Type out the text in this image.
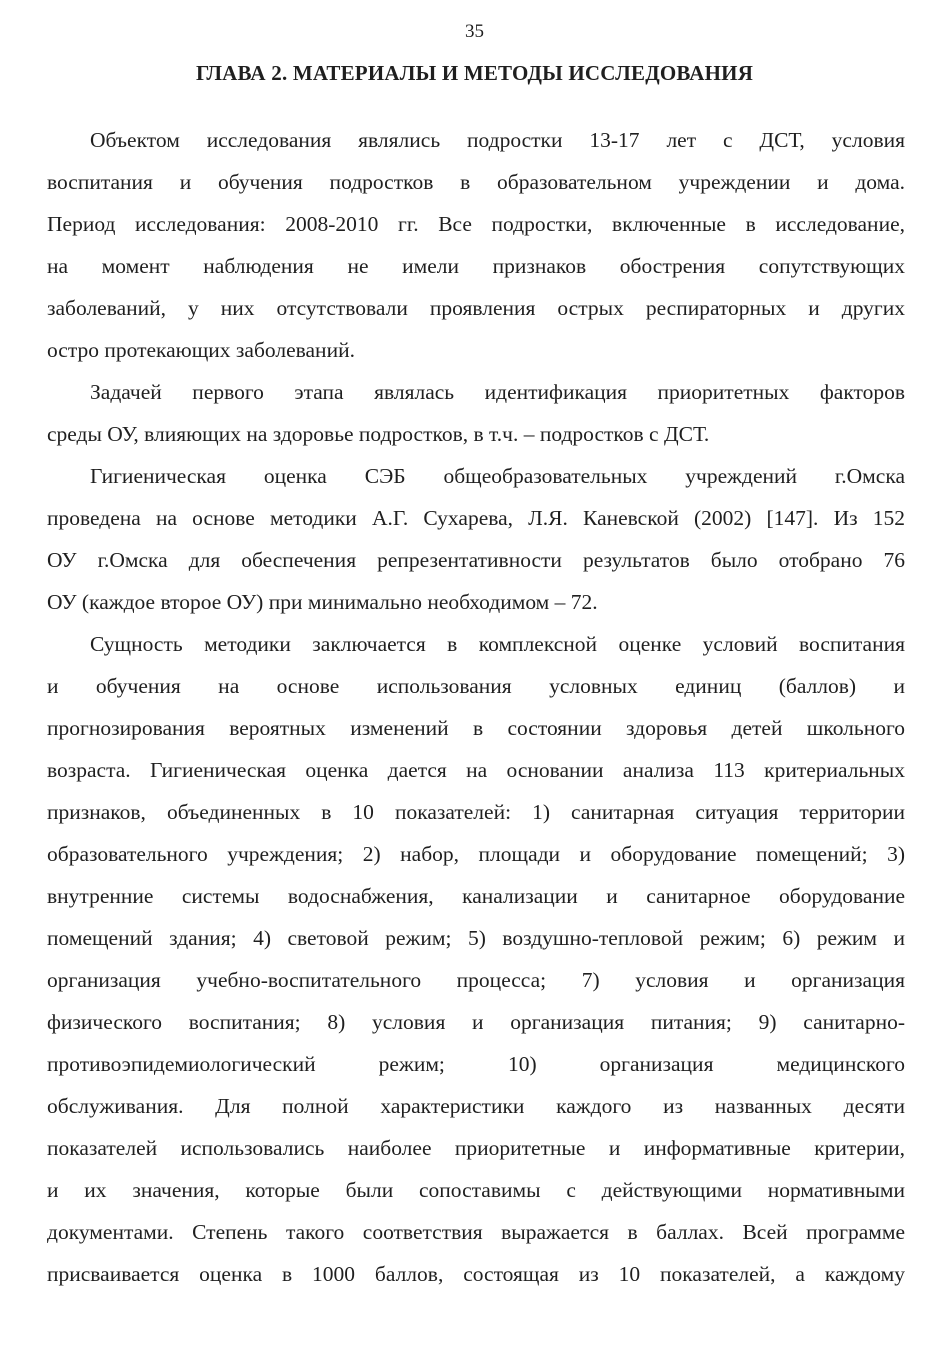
35
ГЛАВА 2. МАТЕРИАЛЫ И МЕТОДЫ ИССЛЕДОВАНИЯ
Объектом исследования являлись подростки 13-17 лет с ДСТ, условия
воспитания и обучения подростков в образовательном учреждении и дома.
Период исследования: 2008-2010 гг. Все подростки, включенные в исследование,
на момент наблюдения не имели признаков обострения сопутствующих
заболеваний, у них отсутствовали проявления острых респираторных и других
остро протекающих заболеваний.
Задачей первого этапа являлась идентификация приоритетных факторов
среды ОУ, влияющих на здоровье подростков, в т.ч. – подростков с ДСТ.
Гигиеническая оценка СЭБ общеобразовательных учреждений г.Омска
проведена на основе методики А.Г. Сухарева, Л.Я. Каневской (2002) [147]. Из 152
ОУ г.Омска для обеспечения репрезентативности результатов было отобрано 76
ОУ (каждое второе ОУ) при минимально необходимом – 72.
Сущность методики заключается в комплексной оценке условий воспитания
и обучения на основе использования условных единиц (баллов) и
прогнозирования вероятных изменений в состоянии здоровья детей школьного
возраста. Гигиеническая оценка дается на основании анализа 113 критериальных
признаков, объединенных в 10 показателей: 1) санитарная ситуация территории
образовательного учреждения; 2) набор, площади и оборудование помещений; 3)
внутренние системы водоснабжения, канализации и санитарное оборудование
помещений здания; 4) световой режим; 5) воздушно-тепловой режим; 6) режим и
организация учебно-воспитательного процесса; 7) условия и организация
физического воспитания; 8) условия и организация питания; 9) санитарно-
противоэпидемиологический режим; 10) организация медицинского
обслуживания. Для полной характеристики каждого из названных десяти
показателей использовались наиболее приоритетные и информативные критерии,
и их значения, которые были сопоставимы с действующими нормативными
документами. Степень такого соответствия выражается в баллах. Всей программе
присваивается оценка в 1000 баллов, состоящая из 10 показателей, а каждому
